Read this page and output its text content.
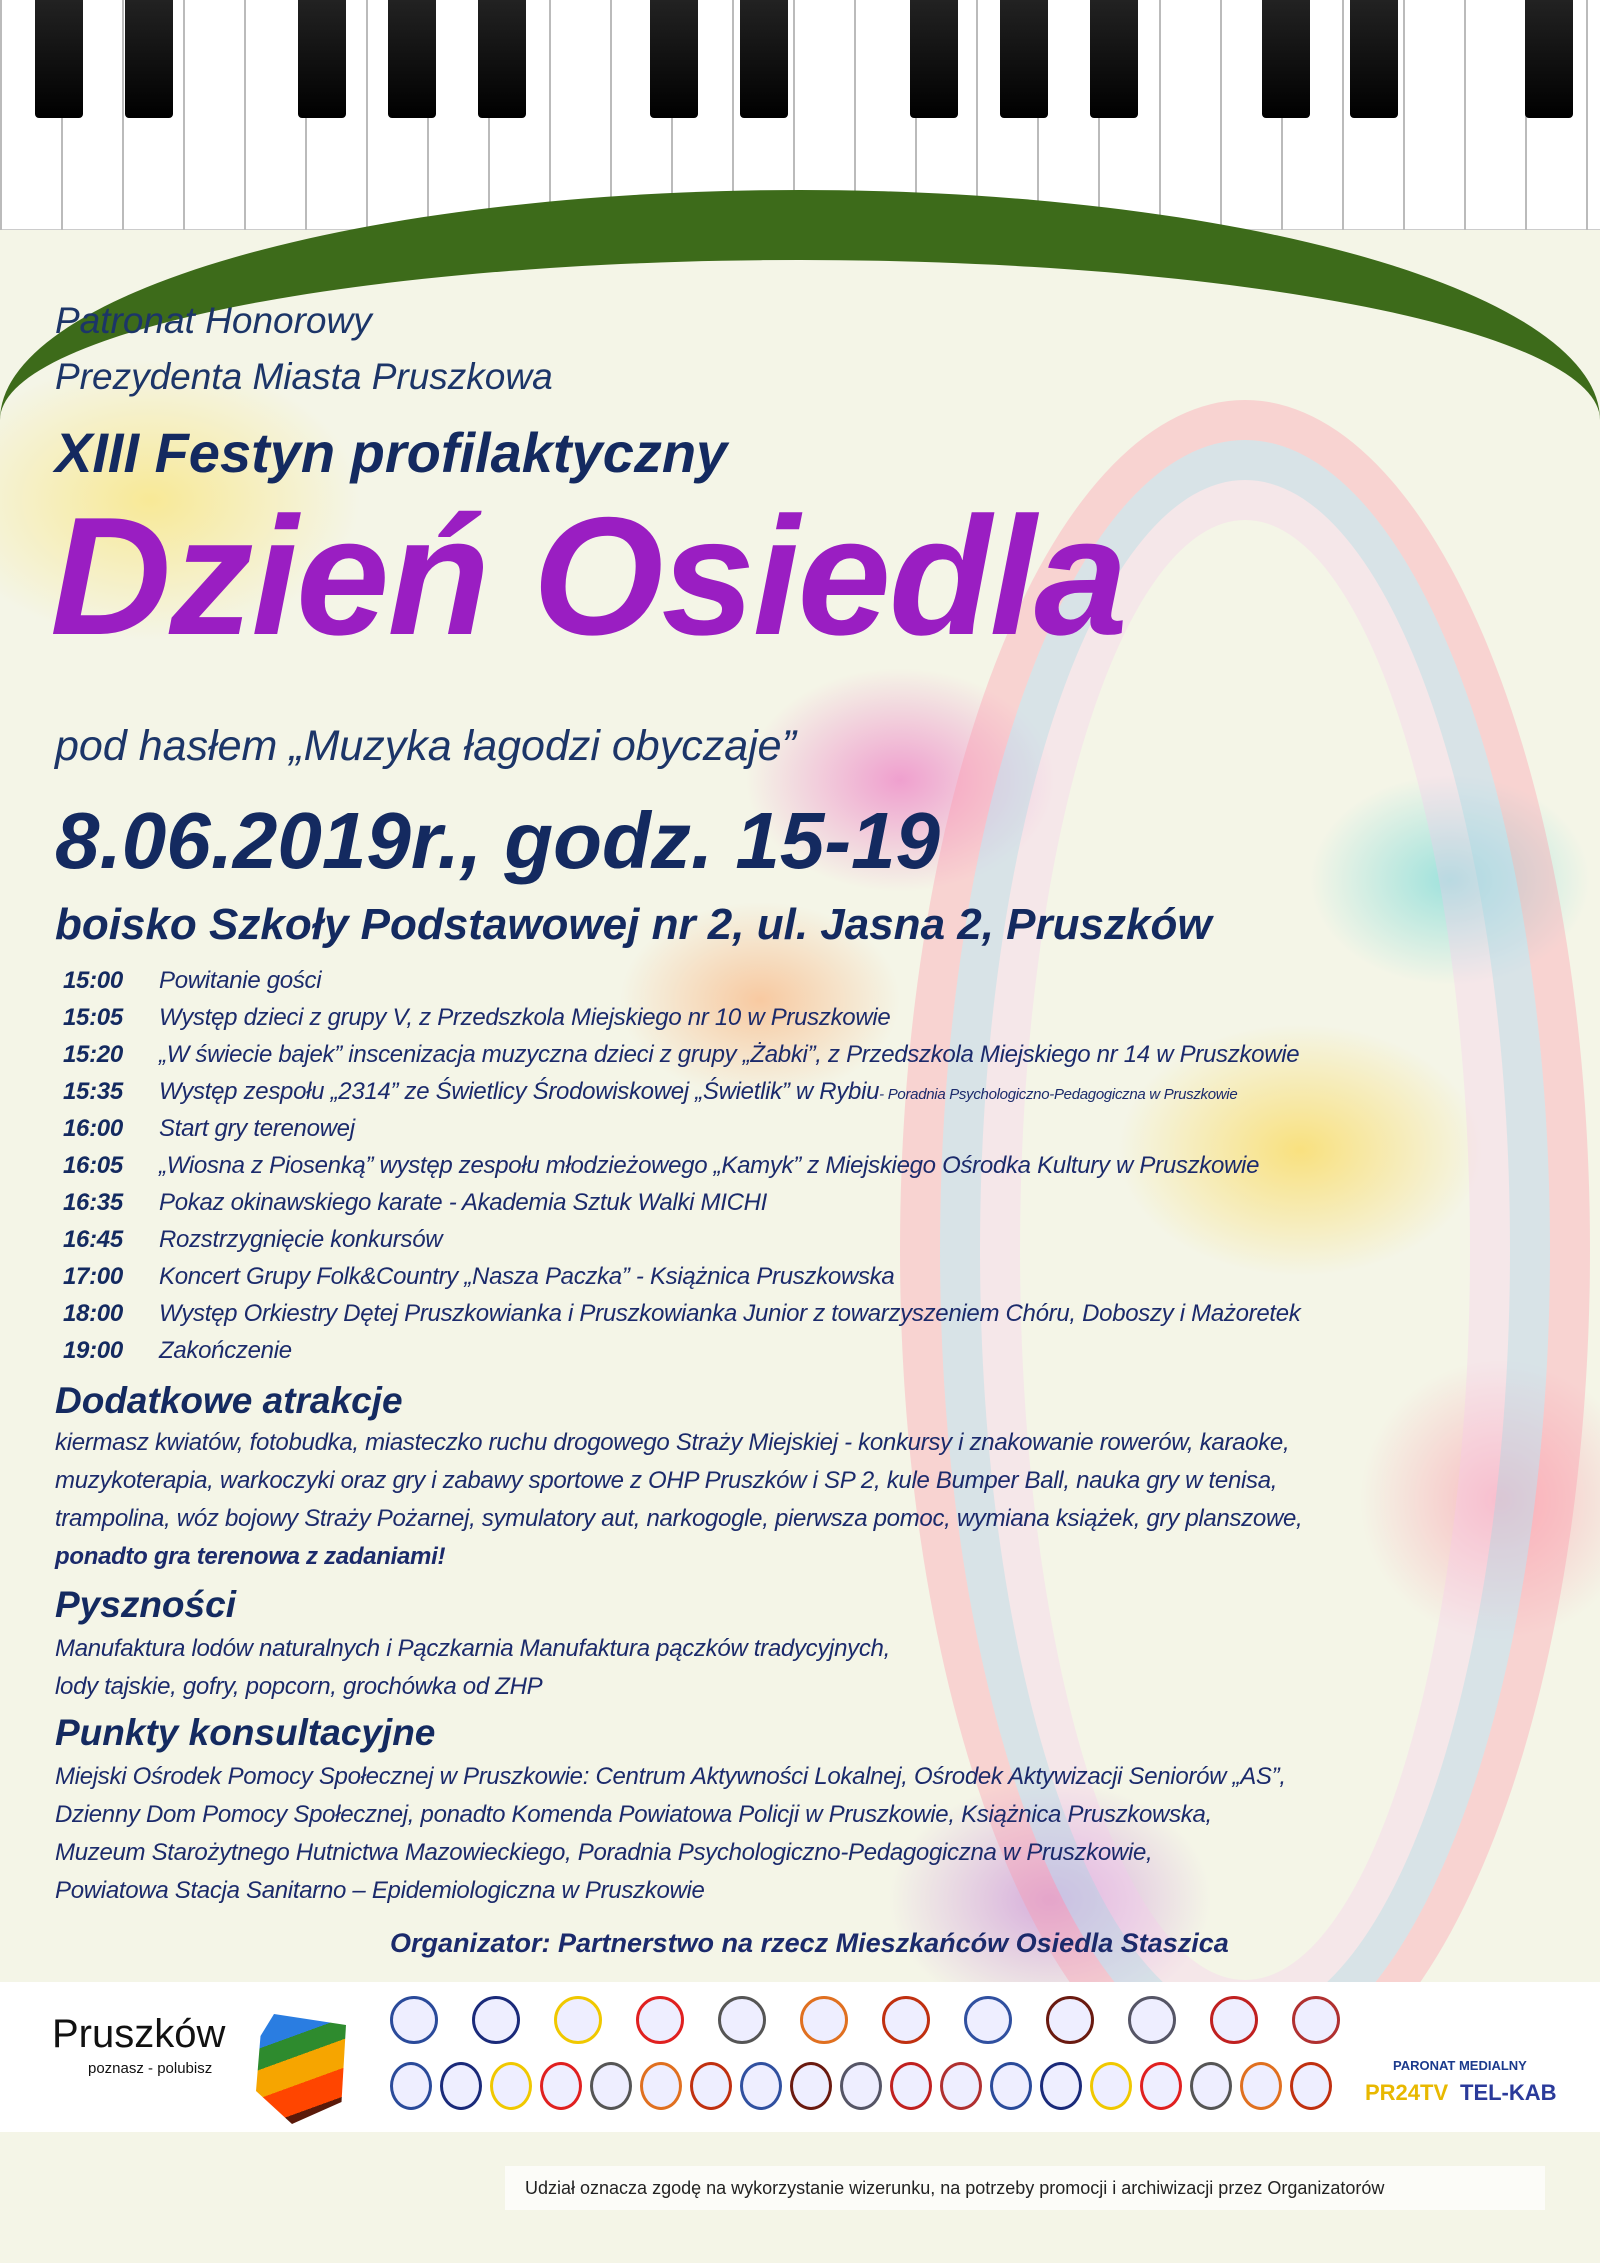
Patronat Honorowy
Prezydenta Miasta Pruszkowa
XIII Festyn profilaktyczny
Dzień Osiedla
pod hasłem „Muzyka łagodzi obyczaje”
8.06.2019r., godz. 15-19
boisko Szkoły Podstawowej nr 2, ul. Jasna 2, Pruszków
15:00	Powitanie gości
15:05	Występ dzieci z grupy V, z Przedszkola Miejskiego nr 10 w Pruszkowie
15:20	„W świecie bajek” inscenizacja muzyczna dzieci z grupy „Żabki”, z Przedszkola Miejskiego nr 14 w Pruszkowie
15:35	Występ zespołu „2314” ze Świetlicy Środowiskowej „Świetlik” w Rybiu - Poradnia Psychologiczno-Pedagogiczna w Pruszkowie
16:00	Start gry terenowej
16:05	„Wiosna z Piosenką” występ zespołu młodzieżowego „Kamyk” z Miejskiego Ośrodka Kultury w Pruszkowie
16:35	Pokaz okinawskiego karate - Akademia Sztuk Walki MICHI
16:45	Rozstrzygnięcie konkursów
17:00	Koncert Grupy Folk&Country „Nasza Paczka” - Książnica Pruszkowska
18:00	Występ Orkiestry Dętej Pruszkowianka i Pruszkowianka Junior z towarzyszeniem Chóru, Doboszy i Mażoretek
19:00	Zakończenie
Dodatkowe atrakcje
kiermasz kwiatów, fotobudka, miasteczko ruchu drogowego Straży Miejskiej - konkursy i znakowanie rowerów, karaoke,
muzykoterapia, warkoczyki oraz gry i zabawy sportowe z OHP Pruszków i SP 2, kule Bumper Ball, nauka gry w tenisa,
trampolina, wóz bojowy Straży Pożarnej, symulatory aut, narkogogle, pierwsza pomoc, wymiana książek, gry planszowe,
ponadto gra terenowa z zadaniami!
Pyszności
Manufaktura lodów naturalnych i Pączkarnia Manufaktura pączków tradycyjnych,
lody tajskie, gofry, popcorn, grochówka od ZHP
Punkty konsultacyjne
Miejski Ośrodek Pomocy Społecznej w Pruszkowie: Centrum Aktywności Lokalnej, Ośrodek Aktywizacji Seniorów „AS”,
Dzienny Dom Pomocy Społecznej, ponadto Komenda Powiatowa Policji w Pruszkowie, Książnica Pruszkowska,
Muzeum Starożytnego Hutnictwa Mazowieckiego, Poradnia Psychologiczno-Pedagogiczna w Pruszkowie,
Powiatowa Stacja Sanitarno – Epidemiologiczna w Pruszkowie
Organizator: Partnerstwo na rzecz Mieszkańców Osiedla Staszica
Pruszków
poznasz - polubisz	PARONAT MEDIALNY
PR24TV TEL-KAB
Udział oznacza zgodę na wykorzystanie wizerunku, na potrzeby promocji i archiwizacji przez Organizatorów
